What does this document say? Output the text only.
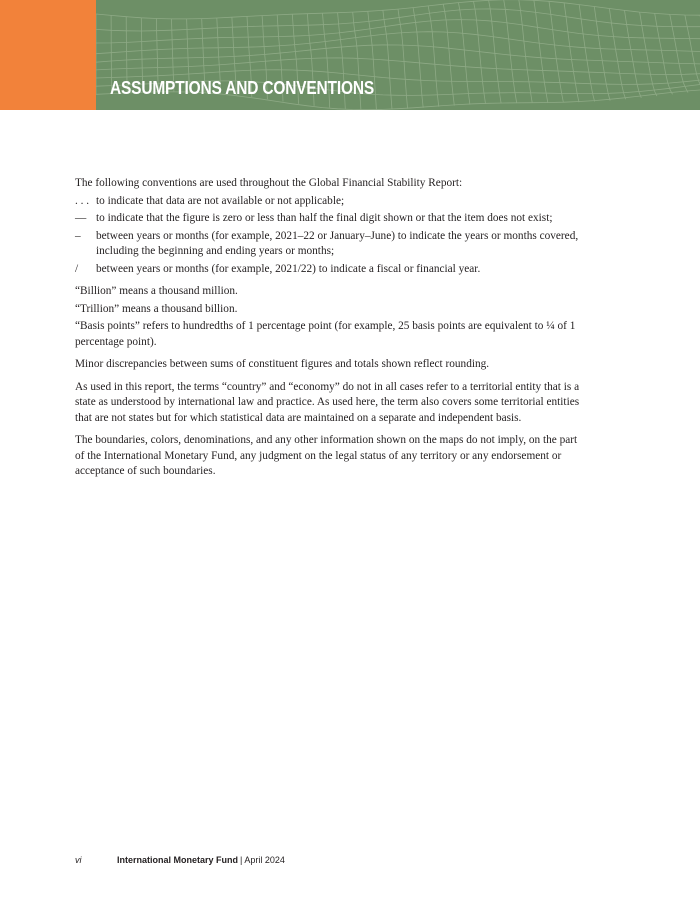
ASSUMPTIONS AND CONVENTIONS

The following conventions are used throughout the Global Financial Stability Report:

. . . to indicate that data are not available or not applicable;
— to indicate that the figure is zero or less than half the final digit shown or that the item does not exist;
–	between years or months (for example, 2021–22 or January–June) to indicate the years or months covered, including the beginning and ending years or months;
/	between years or months (for example, 2021/22) to indicate a fiscal or financial year.

“Billion” means a thousand million.

“Trillion” means a thousand billion.

“Basis points” refers to hundredths of 1 percentage point (for example, 25 basis points are equivalent to ¼ of 1 percentage point).

Minor discrepancies between sums of constituent figures and totals shown reflect rounding.

As used in this report, the terms “country” and “economy” do not in all cases refer to a territorial entity that is a state as understood by international law and practice. As used here, the term also covers some territorial entities that are not states but for which statistical data are maintained on a separate and independent basis.

The boundaries, colors, denominations, and any other information shown on the maps do not imply, on the part of the International Monetary Fund, any judgment on the legal status of any territory or any endorsement or acceptance of such boundaries.

vi	International Monetary Fund | April 2024
